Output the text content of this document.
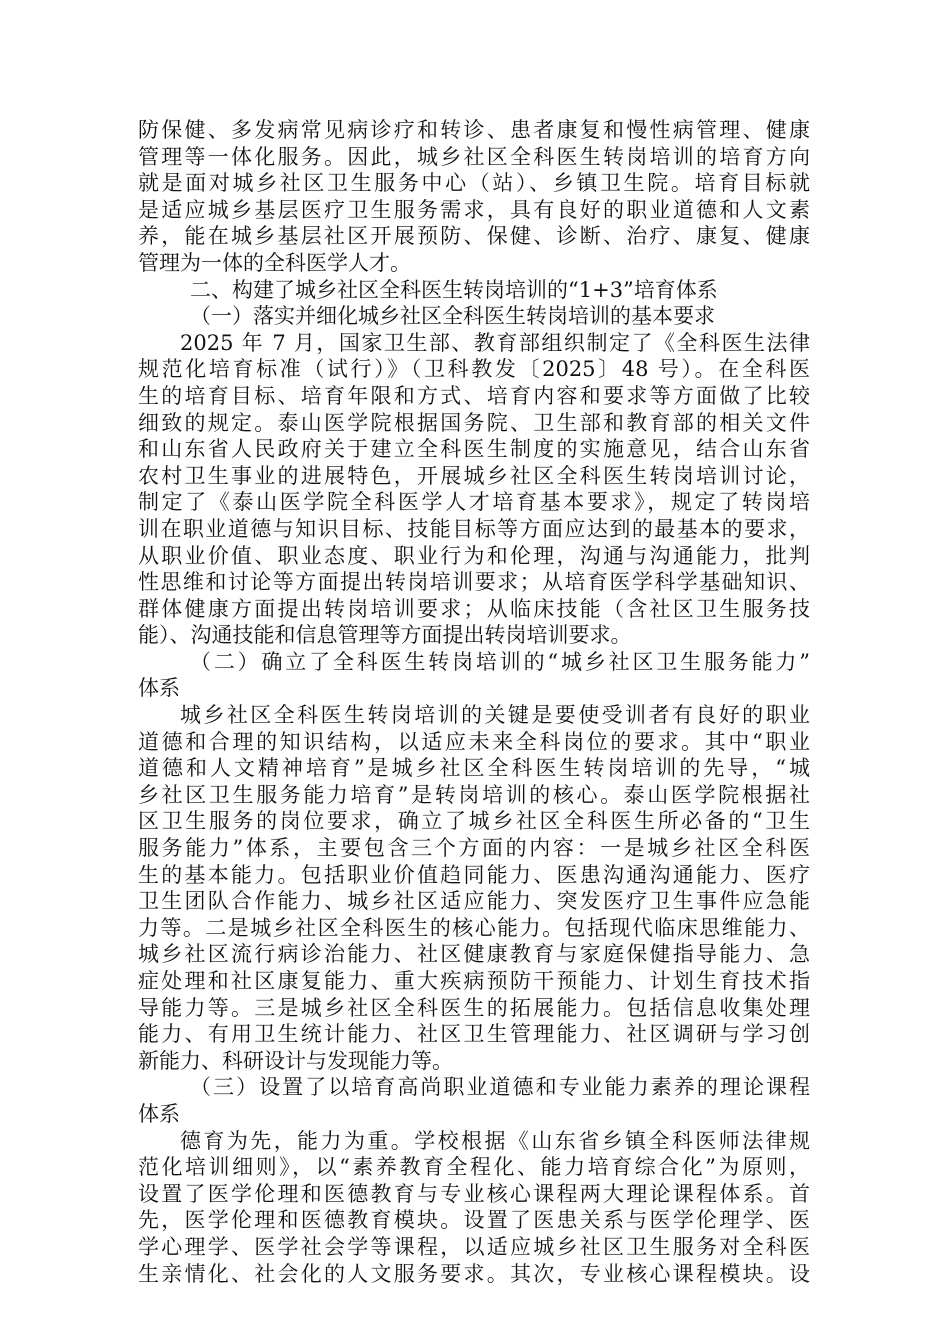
防保健、多发病常见病诊疗和转诊、患者康复和慢性病管理、健康
管理等一体化服务。因此，城乡社区全科医生转岗培训的培育方向
就是面对城乡社区卫生服务中心（站）、乡镇卫生院。培育目标就
是适应城乡基层医疗卫生服务需求，具有良好的职业道德和人文素
养，能在城乡基层社区开展预防、保健、诊断、治疗、康复、健康
管理为一体的全科医学人才。
二、构建了城乡社区全科医生转岗培训的“1+3”培育体系
（一）落实并细化城乡社区全科医生转岗培训的基本要求
2025 年 7 月，国家卫生部、教育部组织制定了《全科医生法律
规范化培育标准（试行）》（卫科教发〔2025〕48 号）。在全科医
生的培育目标、培育年限和方式、培育内容和要求等方面做了比较
细致的规定。泰山医学院根据国务院、卫生部和教育部的相关文件
和山东省人民政府关于建立全科医生制度的实施意见，结合山东省
农村卫生事业的进展特色，开展城乡社区全科医生转岗培训讨论，
制定了《泰山医学院全科医学人才培育基本要求》，规定了转岗培
训在职业道德与知识目标、技能目标等方面应达到的最基本的要求，
从职业价值、职业态度、职业行为和伦理，沟通与沟通能力，批判
性思维和讨论等方面提出转岗培训要求；从培育医学科学基础知识、
群体健康方面提出转岗培训要求；从临床技能（含社区卫生服务技
能）、沟通技能和信息管理等方面提出转岗培训要求。
（二）确立了全科医生转岗培训的“城乡社区卫生服务能力”
体系
城乡社区全科医生转岗培训的关键是要使受训者有良好的职业
道德和合理的知识结构，以适应未来全科岗位的要求。其中“职业
道德和人文精神培育”是城乡社区全科医生转岗培训的先导，“城
乡社区卫生服务能力培育”是转岗培训的核心。泰山医学院根据社
区卫生服务的岗位要求，确立了城乡社区全科医生所必备的“卫生
服务能力”体系，主要包含三个方面的内容：一是城乡社区全科医
生的基本能力。包括职业价值趋同能力、医患沟通沟通能力、医疗
卫生团队合作能力、城乡社区适应能力、突发医疗卫生事件应急能
力等。二是城乡社区全科医生的核心能力。包括现代临床思维能力、
城乡社区流行病诊治能力、社区健康教育与家庭保健指导能力、急
症处理和社区康复能力、重大疾病预防干预能力、计划生育技术指
导能力等。三是城乡社区全科医生的拓展能力。包括信息收集处理
能力、有用卫生统计能力、社区卫生管理能力、社区调研与学习创
新能力、科研设计与发现能力等。
（三）设置了以培育高尚职业道德和专业能力素养的理论课程
体系
德育为先，能力为重。学校根据《山东省乡镇全科医师法律规
范化培训细则》，以“素养教育全程化、能力培育综合化”为原则，
设置了医学伦理和医德教育与专业核心课程两大理论课程体系。首
先，医学伦理和医德教育模块。设置了医患关系与医学伦理学、医
学心理学、医学社会学等课程，以适应城乡社区卫生服务对全科医
生亲情化、社会化的人文服务要求。其次，专业核心课程模块。设
